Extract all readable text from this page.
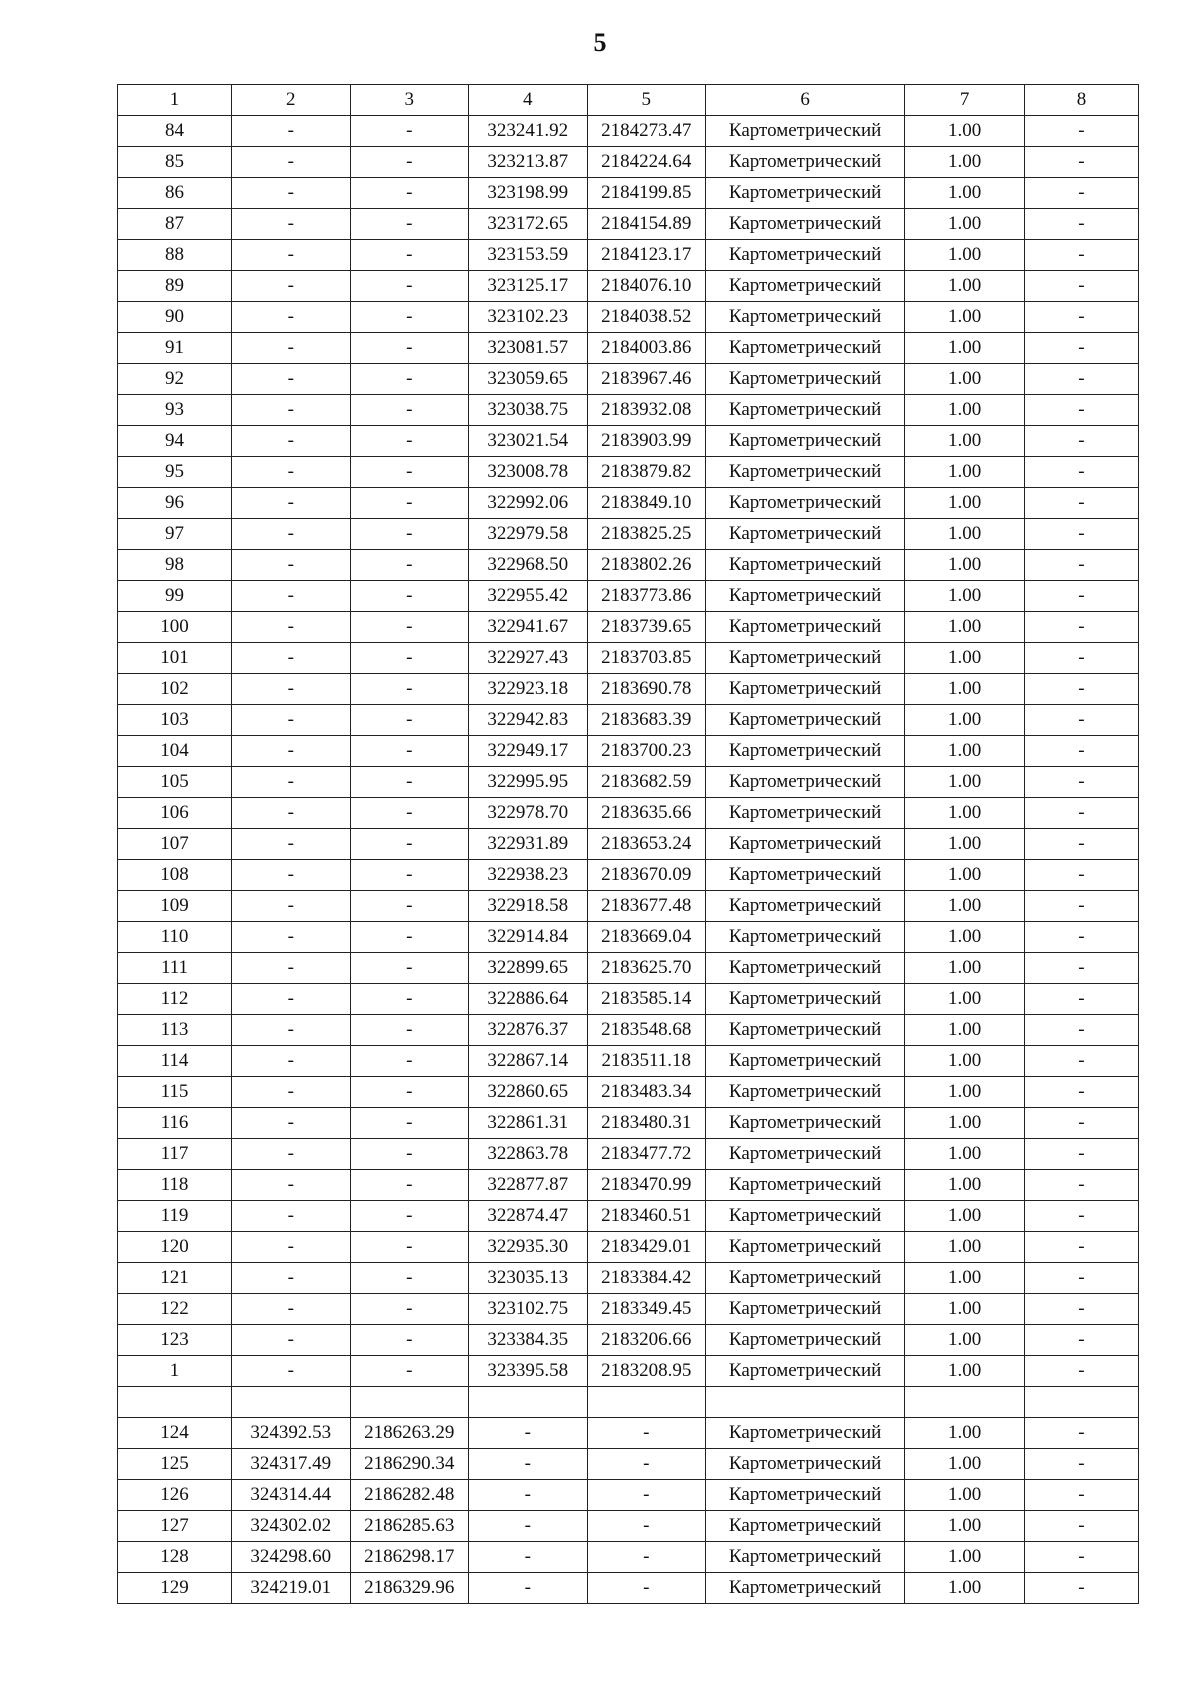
5
1	2	3	4	5	6	7	8
84	-	-	323241.92	2184273.47	Картометрический	1.00	-
85	-	-	323213.87	2184224.64	Картометрический	1.00	-
86	-	-	323198.99	2184199.85	Картометрический	1.00	-
87	-	-	323172.65	2184154.89	Картометрический	1.00	-
88	-	-	323153.59	2184123.17	Картометрический	1.00	-
89	-	-	323125.17	2184076.10	Картометрический	1.00	-
90	-	-	323102.23	2184038.52	Картометрический	1.00	-
91	-	-	323081.57	2184003.86	Картометрический	1.00	-
92	-	-	323059.65	2183967.46	Картометрический	1.00	-
93	-	-	323038.75	2183932.08	Картометрический	1.00	-
94	-	-	323021.54	2183903.99	Картометрический	1.00	-
95	-	-	323008.78	2183879.82	Картометрический	1.00	-
96	-	-	322992.06	2183849.10	Картометрический	1.00	-
97	-	-	322979.58	2183825.25	Картометрический	1.00	-
98	-	-	322968.50	2183802.26	Картометрический	1.00	-
99	-	-	322955.42	2183773.86	Картометрический	1.00	-
100	-	-	322941.67	2183739.65	Картометрический	1.00	-
101	-	-	322927.43	2183703.85	Картометрический	1.00	-
102	-	-	322923.18	2183690.78	Картометрический	1.00	-
103	-	-	322942.83	2183683.39	Картометрический	1.00	-
104	-	-	322949.17	2183700.23	Картометрический	1.00	-
105	-	-	322995.95	2183682.59	Картометрический	1.00	-
106	-	-	322978.70	2183635.66	Картометрический	1.00	-
107	-	-	322931.89	2183653.24	Картометрический	1.00	-
108	-	-	322938.23	2183670.09	Картометрический	1.00	-
109	-	-	322918.58	2183677.48	Картометрический	1.00	-
110	-	-	322914.84	2183669.04	Картометрический	1.00	-
111	-	-	322899.65	2183625.70	Картометрический	1.00	-
112	-	-	322886.64	2183585.14	Картометрический	1.00	-
113	-	-	322876.37	2183548.68	Картометрический	1.00	-
114	-	-	322867.14	2183511.18	Картометрический	1.00	-
115	-	-	322860.65	2183483.34	Картометрический	1.00	-
116	-	-	322861.31	2183480.31	Картометрический	1.00	-
117	-	-	322863.78	2183477.72	Картометрический	1.00	-
118	-	-	322877.87	2183470.99	Картометрический	1.00	-
119	-	-	322874.47	2183460.51	Картометрический	1.00	-
120	-	-	322935.30	2183429.01	Картометрический	1.00	-
121	-	-	323035.13	2183384.42	Картометрический	1.00	-
122	-	-	323102.75	2183349.45	Картометрический	1.00	-
123	-	-	323384.35	2183206.66	Картометрический	1.00	-
1	-	-	323395.58	2183208.95	Картометрический	1.00	-

124	324392.53	2186263.29	-	-	Картометрический	1.00	-
125	324317.49	2186290.34	-	-	Картометрический	1.00	-
126	324314.44	2186282.48	-	-	Картометрический	1.00	-
127	324302.02	2186285.63	-	-	Картометрический	1.00	-
128	324298.60	2186298.17	-	-	Картометрический	1.00	-
129	324219.01	2186329.96	-	-	Картометрический	1.00	-
